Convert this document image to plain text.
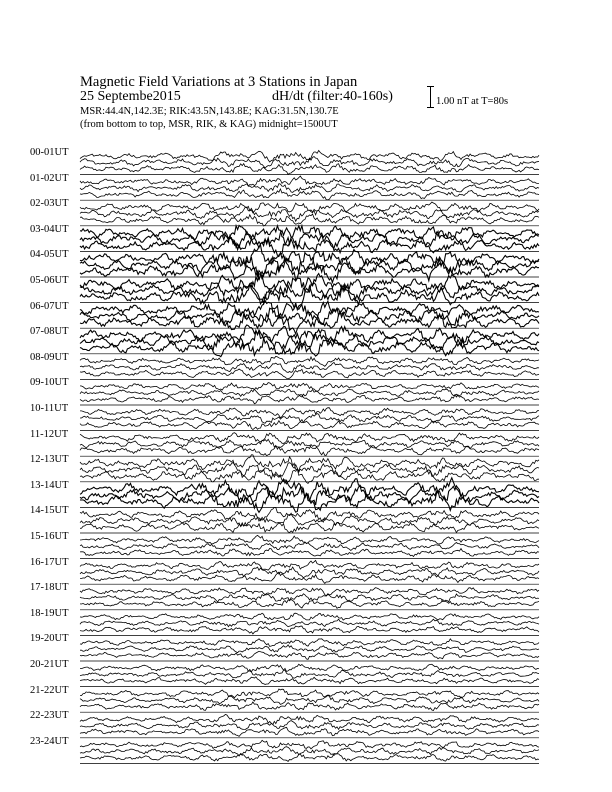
Magnetic Field Variations at 3 Stations in Japan
25 Septembe2015	dH/dt (filter:40-160s)
MSR:44.4N,142.3E; RIK:43.5N,143.8E; KAG:31.5N,130.7E
(from bottom to top, MSR, RIK, & KAG) midnight=1500UT
1.00 nT at T=80s
00-01UT
01-02UT
02-03UT
03-04UT
04-05UT
05-06UT
06-07UT
07-08UT
08-09UT
09-10UT
10-11UT
11-12UT
12-13UT
13-14UT
14-15UT
15-16UT
16-17UT
17-18UT
18-19UT
19-20UT
20-21UT
21-22UT
22-23UT
23-24UT
